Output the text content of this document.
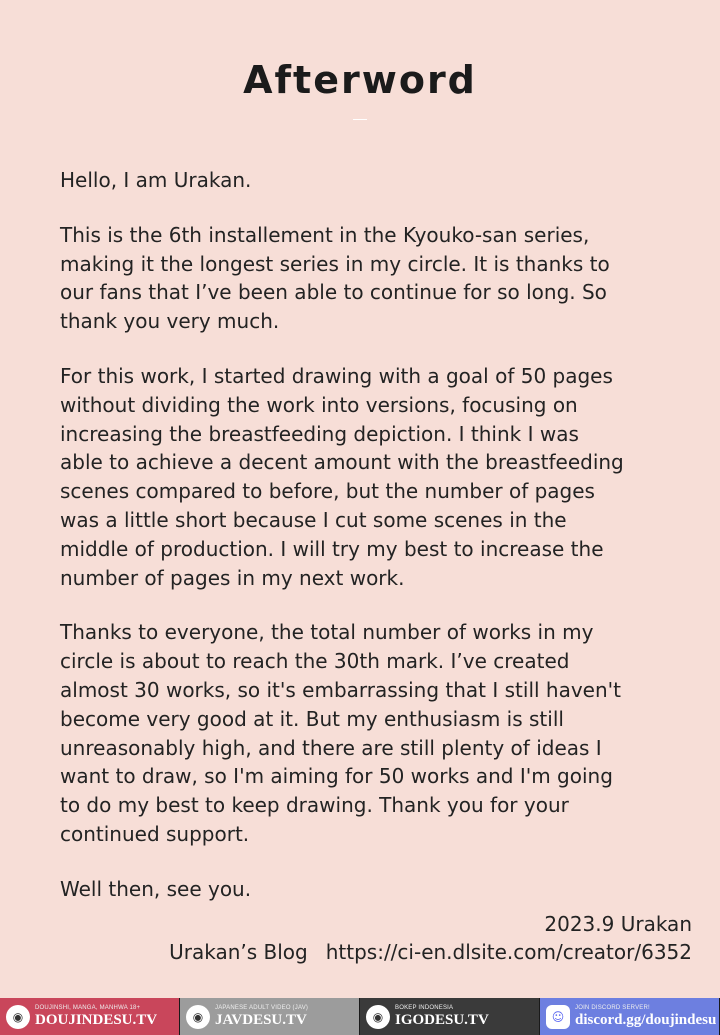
Afterword

Hello, I am Urakan.

This is the 6th installement in the Kyouko-san series,
making it the longest series in my circle. It is thanks to
our fans that I’ve been able to continue for so long. So
thank you very much.

For this work, I started drawing with a goal of 50 pages
without dividing the work into versions, focusing on
increasing the breastfeeding depiction. I think I was
able to achieve a decent amount with the breastfeeding
scenes compared to before, but the number of pages
was a little short because I cut some scenes in the
middle of production. I will try my best to increase the
number of pages in my next work.

Thanks to everyone, the total number of works in my
circle is about to reach the 30th mark. I’ve created
almost 30 works, so it's embarrassing that I still haven't
become very good at it. But my enthusiasm is still
unreasonably high, and there are still plenty of ideas I
want to draw, so I'm aiming for 50 works and I'm going
to do my best to keep drawing. Thank you for your
continued support.

Well then, see you.

2023.9 Urakan
Urakan’s Blog https://ci-en.dlsite.com/creator/6352
◉
DOUJINSHI, MANGA, MANHWA 18+
DOUJINDESU.TV	◉
JAPANESE ADULT VIDEO (JAV)
JAVDESU.TV	◉
BOKEP INDONESIA
IGODESU.TV	☺
JOIN DISCORD SERVER!
discord.gg/doujindesu
